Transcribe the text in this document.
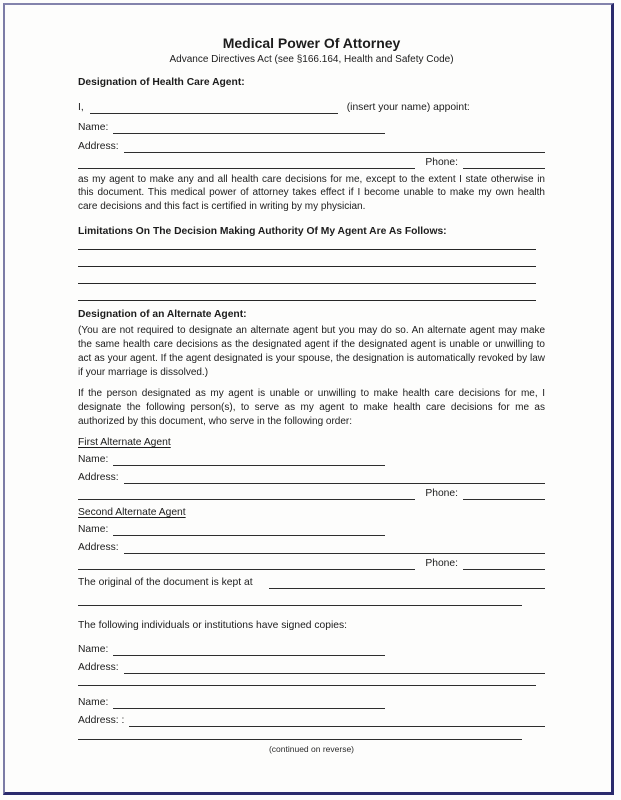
Medical Power Of Attorney
Advance Directives Act (see §166.164, Health and Safety Code)
Designation of Health Care Agent:
I,	(insert your name) appoint:
Name:
Address:
Phone:
as my agent to make any and all health care decisions for me, except to the extent I state otherwise in this document. This medical power of attorney takes effect if I become unable to make my own health care decisions and this fact is certified in writing by my physician.
Limitations On The Decision Making Authority Of My Agent Are As Follows:
Designation of an Alternate Agent:
(You are not required to designate an alternate agent but you may do so. An alternate agent may make the same health care decisions as the designated agent if the designated agent is unable or unwilling to act as your agent. If the agent designated is your spouse, the designation is automatically revoked by law if your marriage is dissolved.)
If the person designated as my agent is unable or unwilling to make health care decisions for me, I designate the following person(s), to serve as my agent to make health care decisions for me as authorized by this document, who serve in the following order:
First Alternate Agent
Name:
Address:
Phone:
Second Alternate Agent
Name:
Address:
Phone:
The original of the document is kept at
The following individuals or institutions have signed copies:
Name:
Address:
Name:
Address: :
(continued on reverse)
